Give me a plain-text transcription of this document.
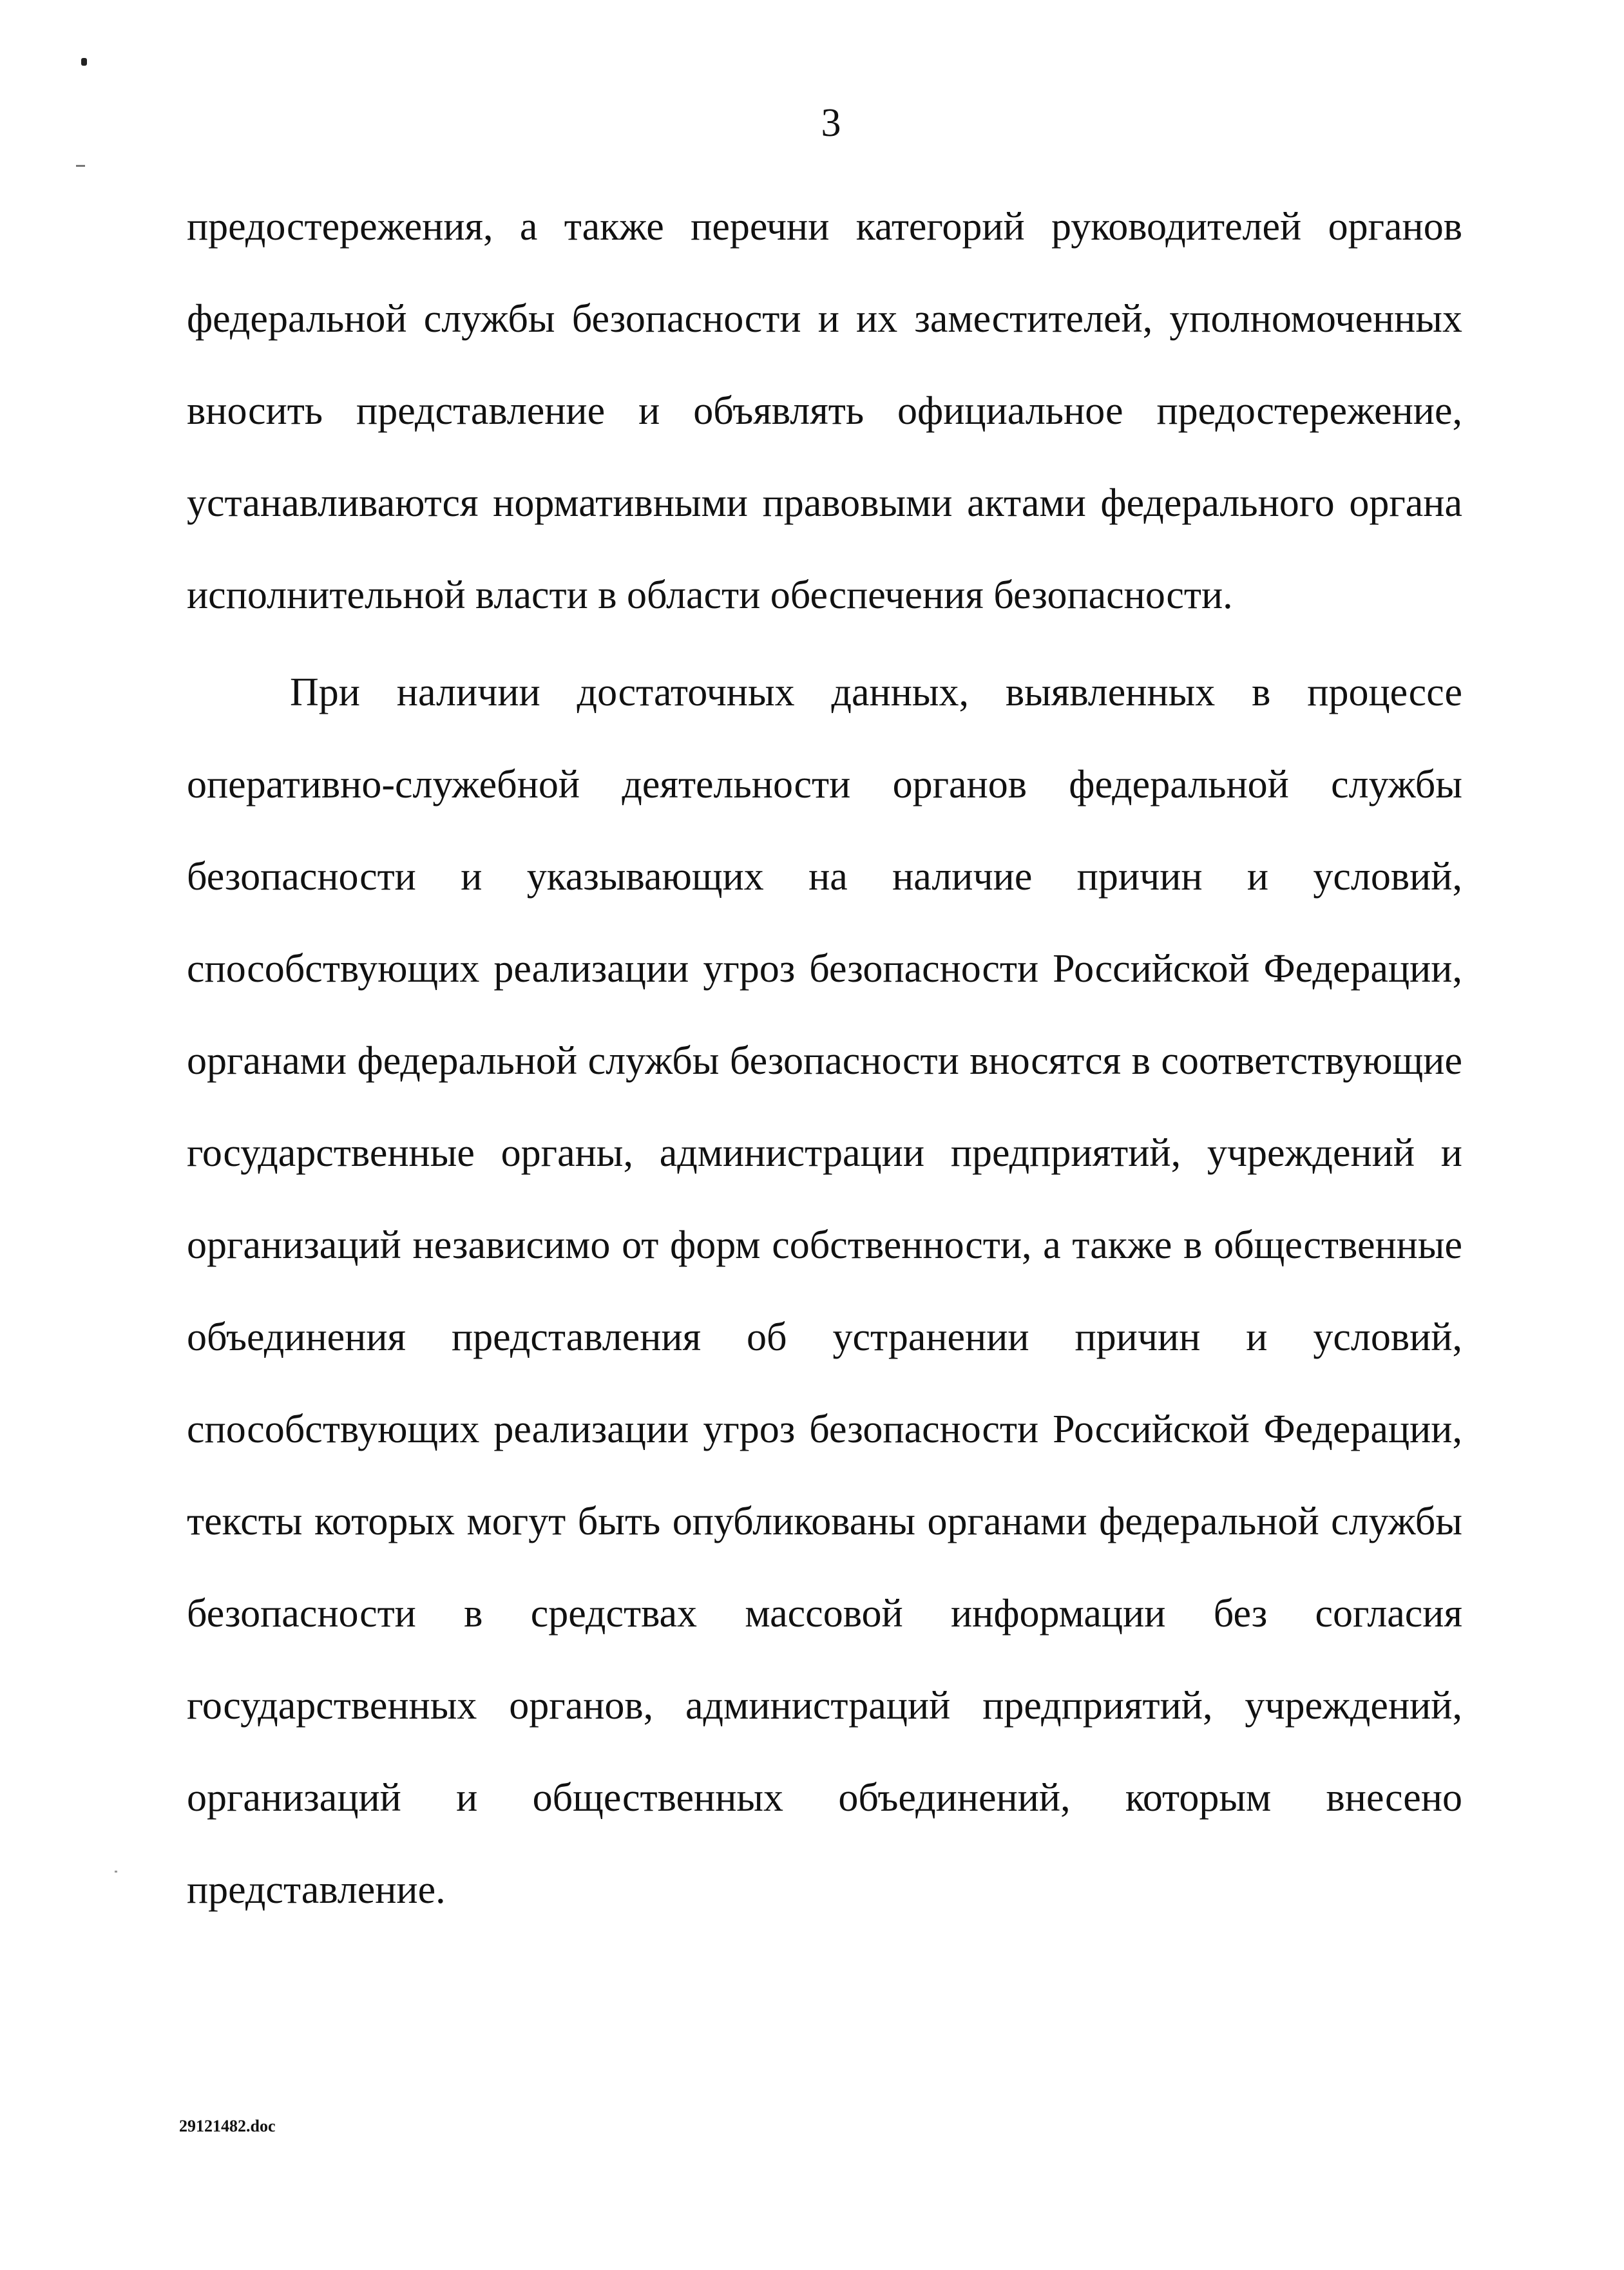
3
предостережения, а также перечни категорий руководителей органов
федеральной службы безопасности и их заместителей, уполномоченных
вносить представление и объявлять официальное предостережение,
устанавливаются нормативными правовыми актами федерального органа
исполнительной власти в области обеспечения безопасности.
При наличии достаточных данных, выявленных в процессе
оперативно-служебной деятельности органов федеральной службы
безопасности и указывающих на наличие причин и условий,
способствующих реализации угроз безопасности Российской Федерации,
органами федеральной службы безопасности вносятся в соответствующие
государственные органы, администрации предприятий, учреждений и
организаций независимо от форм собственности, а также в общественные
объединения представления об устранении причин и условий,
способствующих реализации угроз безопасности Российской Федерации,
тексты которых могут быть опубликованы органами федеральной службы
безопасности в средствах массовой информации без согласия
государственных органов, администраций предприятий, учреждений,
организаций и общественных объединений, которым внесено
представление.
29121482.doc
